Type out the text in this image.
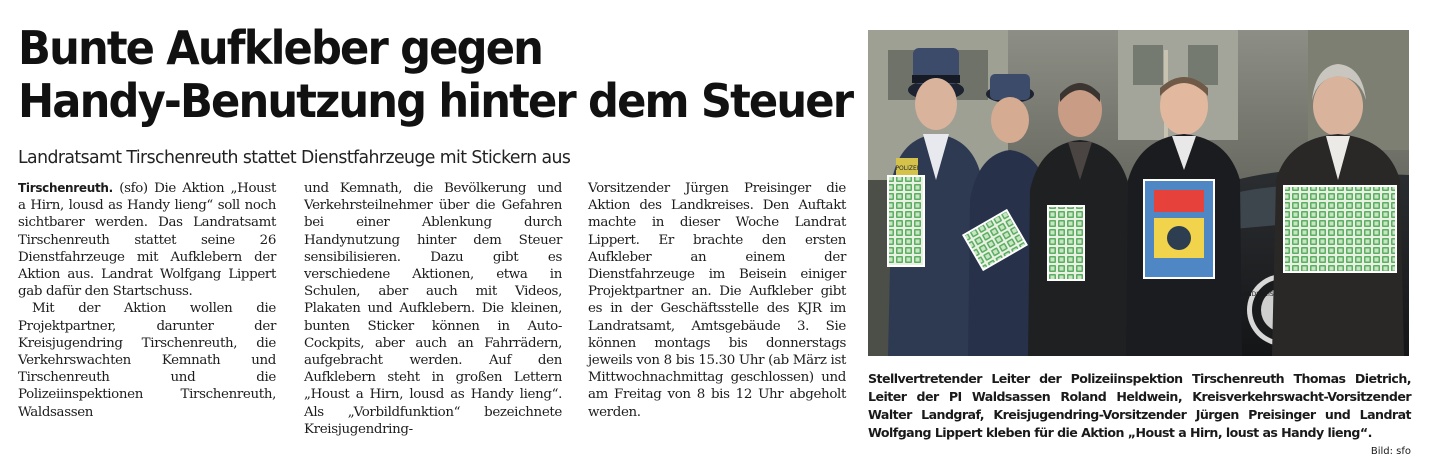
Bunte Aufkleber gegen
Handy-Benutzung hinter dem Steuer
Landratsamt Tirschenreuth stattet Dienstfahrzeuge mit Stickern aus

Tirschenreuth. (sfo) Die Aktion „Houst a Hirn, lousd as Handy lieng“ soll noch sichtbarer werden. Das Landratsamt Tirschenreuth stattet seine 26 Dienstfahrzeuge mit Aufklebern der Aktion aus. Landrat Wolfgang Lippert gab dafür den Startschuss.

Mit der Aktion wollen die Projektpartner, darunter der Kreisjugendring Tirschenreuth, die Verkehrswachten Kemnath und Tirschenreuth und die Polizeiinspektionen Tirschenreuth, Waldsassen

und Kemnath, die Bevölkerung und Verkehrsteilnehmer über die Gefahren bei einer Ablenkung durch Handynutzung hinter dem Steuer sensibilisieren. Dazu gibt es verschiedene Aktionen, etwa in Schulen, aber auch mit Videos, Plakaten und Aufklebern. Die kleinen, bunten Sticker können in Auto-Cockpits, aber auch an Fahrrädern, aufgebracht werden. Auf den Aufklebern steht in großen Lettern „Houst a Hirn, lousd as Handy lieng“. Als „Vorbildfunktion“ bezeichnete Kreisjugendring-

Vorsitzender Jürgen Preisinger die Aktion des Landkreises. Den Auftakt machte in dieser Woche Landrat Lippert. Er brachte den ersten Aufkleber an einem der Dienstfahrzeuge im Beisein einiger Projektpartner an. Die Aufkleber gibt es in der Geschäftsstelle des KJR im Landratsamt, Amtsgebäude 3. Sie können montags bis donnerstags jeweils von 8 bis 15.30 Uhr (ab März ist Mittwochnachmittag geschlossen) und am Freitag von 8 bis 12 Uhr abgeholt werden.

LANDKREIS
POLIZEI
Stellvertretender Leiter der Polizeiinspektion Tirschenreuth Thomas Dietrich, Leiter der PI Waldsassen Roland Heldwein, Kreisverkehrswacht-Vorsitzender Walter Landgraf, Kreisjugendring-Vorsitzender Jürgen Preisinger und Landrat Wolfgang Lippert kleben für die Aktion „Houst a Hirn, loust as Handy lieng“.
Bild: sfo
